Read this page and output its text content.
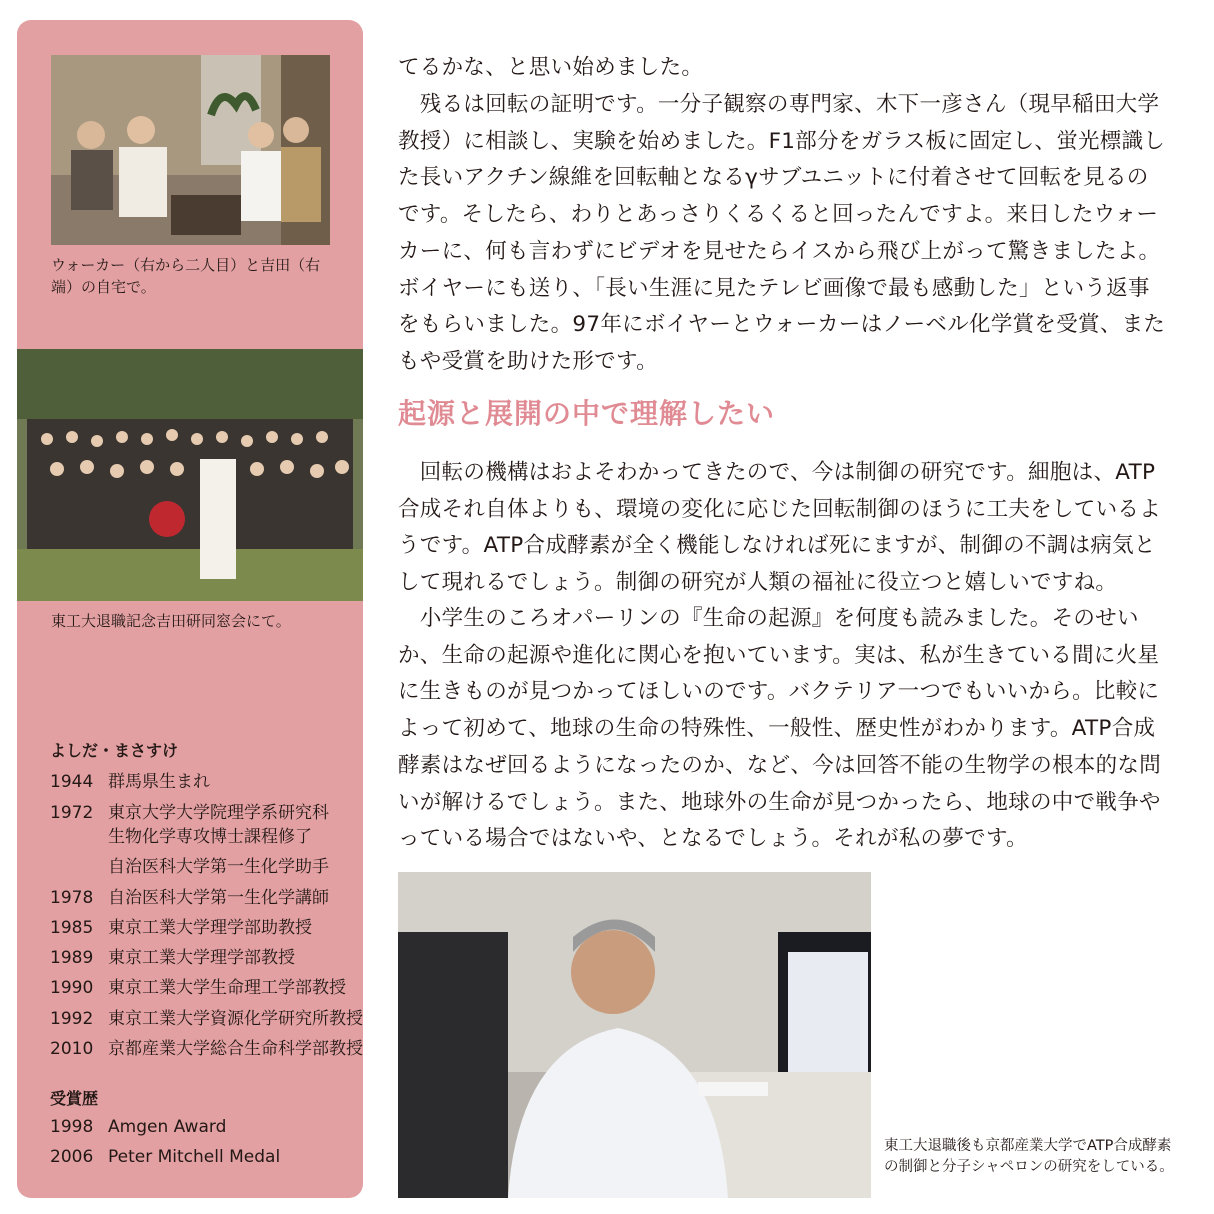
ウォーカー（右から二人目）と吉田（右端）の自宅で。
東工大退職記念吉田研同窓会にて。
よしだ・まさすけ
1944 群馬県生まれ
1972 東京大学大学院理学系研究科
生物化学専攻博士課程修了
自治医科大学第一生化学助手
1978 自治医科大学第一生化学講師
1985 東京工業大学理学部助教授
1989 東京工業大学理学部教授
1990 東京工業大学生命理工学部教授
1992 東京工業大学資源化学研究所教授
2010 京都産業大学総合生命科学部教授
受賞歴
1998 Amgen Award
2006 Peter Mitchell Medal

てるかな、と思い始めました。

　残るは回転の証明です。一分子観察の専門家、木下一彦さん（現早稲田大学教授）に相談し、実験を始めました。F1部分をガラス板に固定し、蛍光標識した長いアクチン線維を回転軸となるγサブユニットに付着させて回転を見るのです。そしたら、わりとあっさりくるくると回ったんですよ。来日したウォーカーに、何も言わずにビデオを見せたらイスから飛び上がって驚きましたよ。ボイヤーにも送り、「長い生涯に見たテレビ画像で最も感動した」という返事をもらいました。97年にボイヤーとウォーカーはノーベル化学賞を受賞、またもや受賞を助けた形です。

起源と展開の中で理解したい

　回転の機構はおよそわかってきたので、今は制御の研究です。細胞は、ATP合成それ自体よりも、環境の変化に応じた回転制御のほうに工夫をしているようです。ATP合成酵素が全く機能しなければ死にますが、制御の不調は病気として現れるでしょう。制御の研究が人類の福祉に役立つと嬉しいですね。

　小学生のころオパーリンの『生命の起源』を何度も読みました。そのせいか、生命の起源や進化に関心を抱いています。実は、私が生きている間に火星に生きものが見つかってほしいのです。バクテリア一つでもいいから。比較によって初めて、地球の生命の特殊性、一般性、歴史性がわかります。ATP合成酵素はなぜ回るようになったのか、など、今は回答不能の生物学の根本的な問いが解けるでしょう。また、地球外の生命が見つかったら、地球の中で戦争やっている場合ではないや、となるでしょう。それが私の夢です。

東工大退職後も京都産業大学でATP合成酵素の制御と分子シャペロンの研究をしている。
